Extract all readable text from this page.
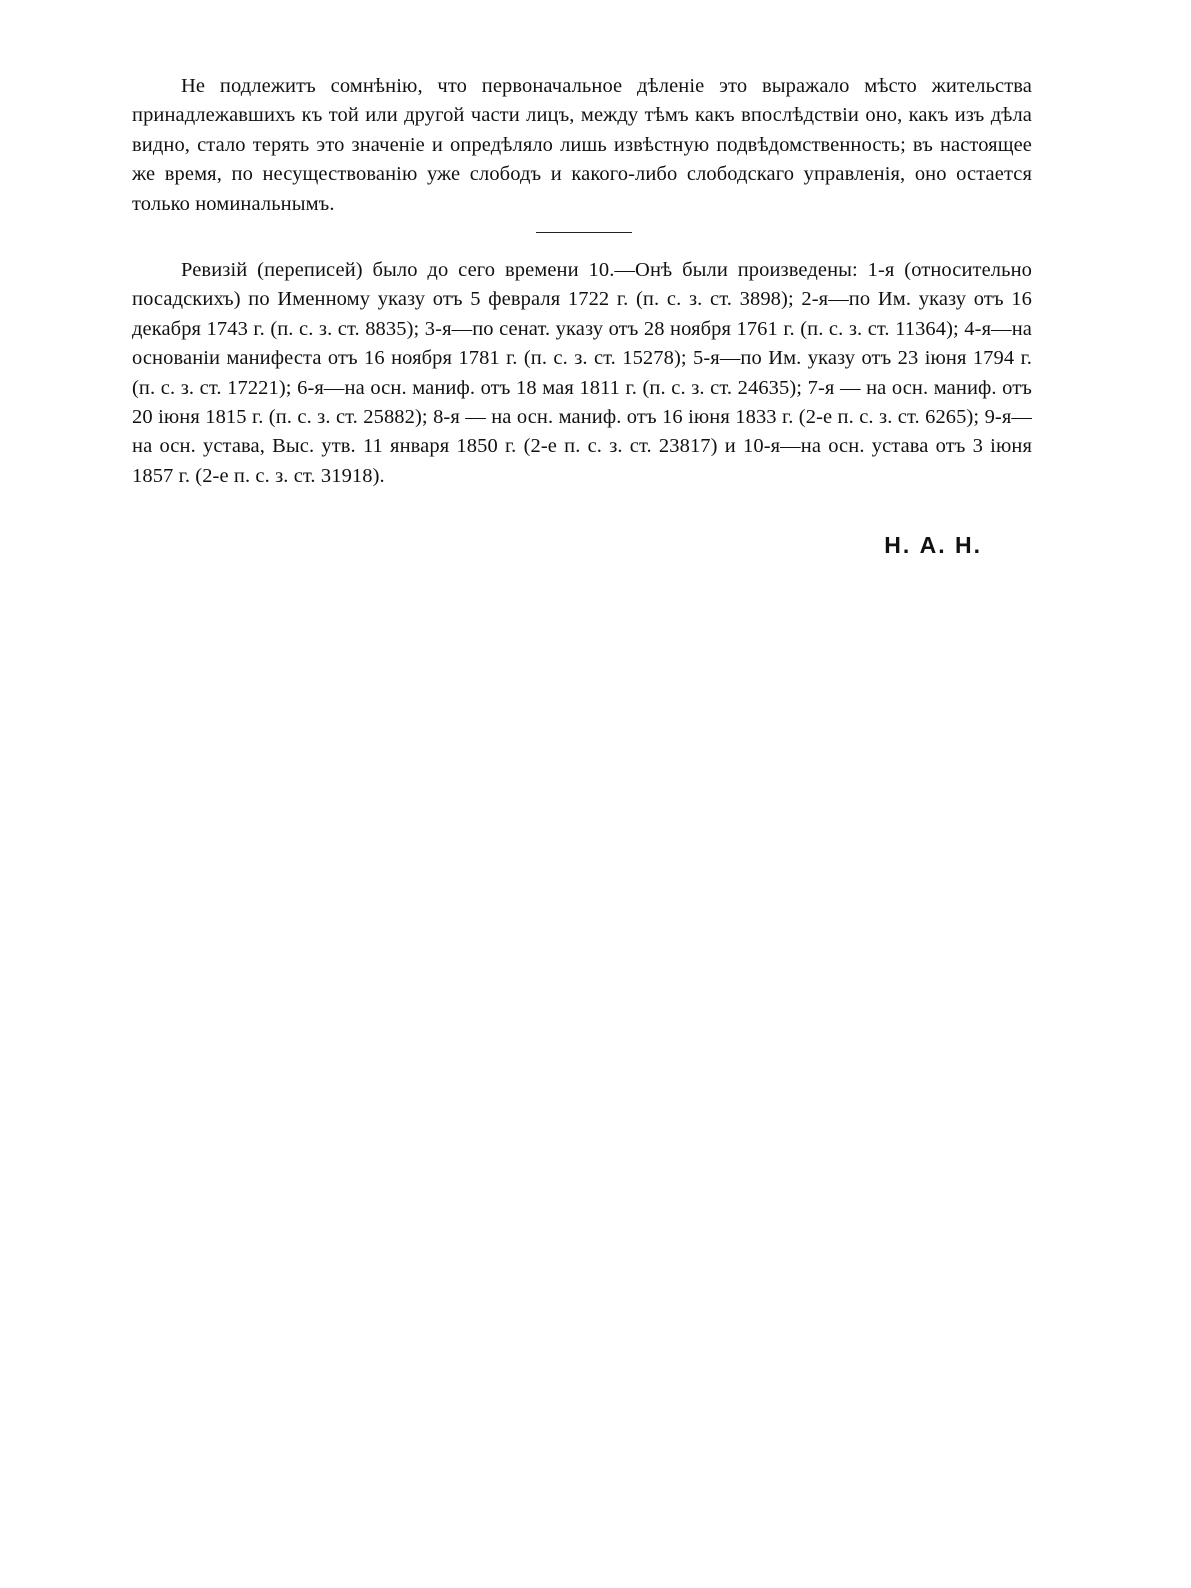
Не подлежитъ сомнѣнію, что первоначальное дѣленіе это выражало мѣсто жительства принадлежавшихъ къ той или другой части лицъ, между тѣмъ какъ впослѣдствіи оно, какъ изъ дѣла видно, стало терять это значеніе и опредѣляло лишь извѣстную подвѣдомственность; въ настоящее же время, по несуществованію уже слободъ и какого-либо слободскаго управленія, оно остается только номинальнымъ.

Ревизій (переписей) было до сего времени 10.—Онѣ были произведены: 1-я (относительно посадскихъ) по Именному указу отъ 5 февраля 1722 г. (п. с. з. ст. 3898); 2-я—по Им. указу отъ 16 декабря 1743 г. (п. с. з. ст. 8835); 3-я—по сенат. указу отъ 28 ноября 1761 г. (п. с. з. ст. 11364); 4-я—на основаніи манифеста отъ 16 ноября 1781 г. (п. с. з. ст. 15278); 5-я—по Им. указу отъ 23 іюня 1794 г. (п. с. з. ст. 17221); 6-я—на осн. маниф. отъ 18 мая 1811 г. (п. с. з. ст. 24635); 7-я — на осн. маниф. отъ 20 іюня 1815 г. (п. с. з. ст. 25882); 8-я — на осн. маниф. отъ 16 іюня 1833 г. (2-е п. с. з. ст. 6265); 9-я—на осн. устава, Выс. утв. 11 января 1850 г. (2-е п. с. з. ст. 23817) и 10-я—на осн. устава отъ 3 іюня 1857 г. (2-е п. с. з. ст. 31918).

Н. А. Н.
